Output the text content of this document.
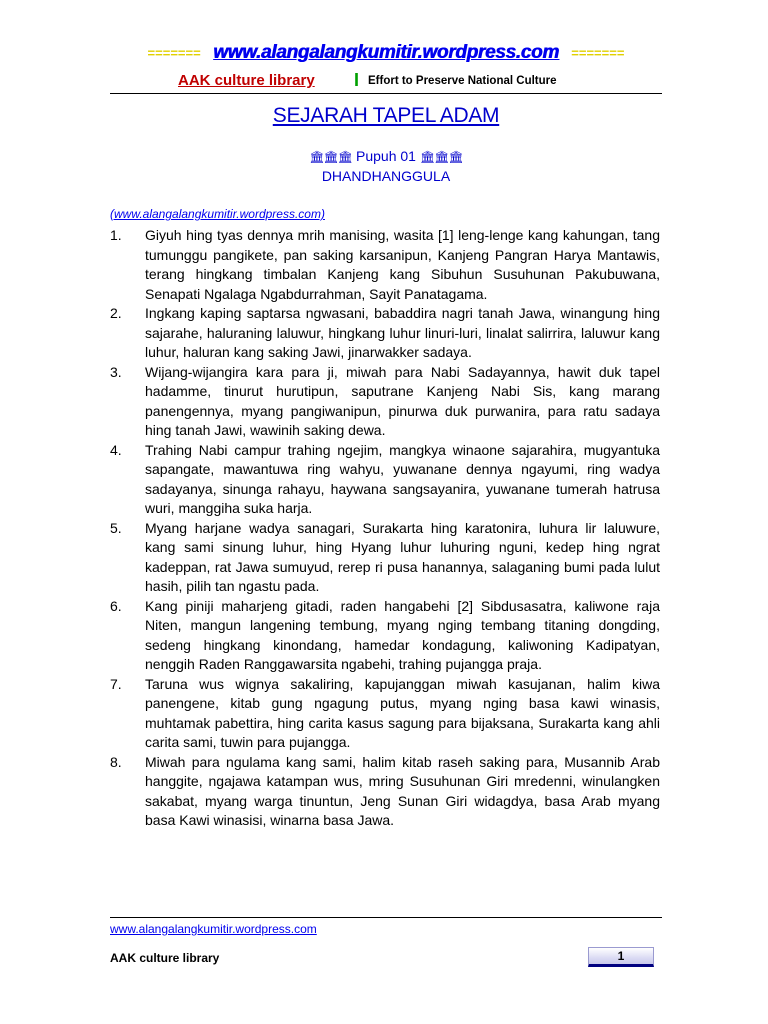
======= www.alangalangkumitir.wordpress.com =======
AAK culture library I Effort to Preserve National Culture
SEJARAH TAPEL ADAM
🏛🏛🏛 Pupuh 01 🏛🏛🏛
DHANDHANGGULA
(www.alangalangkumitir.wordpress.com)
1. Giyuh hing tyas dennya mrih manising, wasita [1] leng-lenge kang kahungan, tang tumunggu pangikete, pan saking karsanipun, Kanjeng Pangran Harya Mantawis, terang hingkang timbalan Kanjeng kang Sibuhun Susuhunan Pakubuwana, Senapati Ngalaga Ngabdurrahman, Sayit Panatagama.
2. Ingkang kaping saptarsa ngwasani, babaddira nagri tanah Jawa, winangung hing sajarahe, haluraning laluwur, hingkang luhur linuri-luri, linalat salirrira, laluwur kang luhur, haluran kang saking Jawi, jinarwakker sadaya.
3. Wijang-wijangira kara para ji, miwah para Nabi Sadayannya, hawit duk tapel hadamme, tinurut hurutipun, saputrane Kanjeng Nabi Sis, kang marang panengennya, myang pangiwanipun, pinurwa duk purwanira, para ratu sadaya hing tanah Jawi, wawinih saking dewa.
4. Trahing Nabi campur trahing ngejim, mangkya winaone sajarahira, mugyantuka sapangate, mawantuwa ring wahyu, yuwanane dennya ngayumi, ring wadya sadayanya, sinunga rahayu, haywana sangsayanira, yuwanane tumerah hatrusa wuri, manggiha suka harja.
5. Myang harjane wadya sanagari, Surakarta hing karatonira, luhura lir laluwure, kang sami sinung luhur, hing Hyang luhur luhuring nguni, kedep hing ngrat kadeppan, rat Jawa sumuyud, rerep ri pusa hanannya, salaganing bumi pada lulut hasih, pilih tan ngastu pada.
6. Kang piniji maharjeng gitadi, raden hangabehi [2] Sibdusasatra, kaliwone raja Niten, mangun langening tembung, myang nging tembang titaning dongding, sedeng hingkang kinondang, hamedar kondagung, kaliwoning Kadipatyan, nenggih Raden Ranggawarsita ngabehi, trahing pujangga praja.
7. Taruna wus wignya sakaliring, kapujanggan miwah kasujanan, halim kiwa panengene, kitab gung ngagung putus, myang nging basa kawi winasis, muhtamak pabettira, hing carita kasus sagung para bijaksana, Surakarta kang ahli carita sami, tuwin para pujangga.
8. Miwah para ngulama kang sami, halim kitab raseh saking para, Musannib Arab hanggite, ngajawa katampan wus, mring Susuhunan Giri mredenni, winulangken sakabat, myang warga tinuntun, Jeng Sunan Giri widagdya, basa Arab myang basa Kawi winasisi, winarna basa Jawa.
www.alangalangkumitir.wordpress.com
AAK culture library	1
